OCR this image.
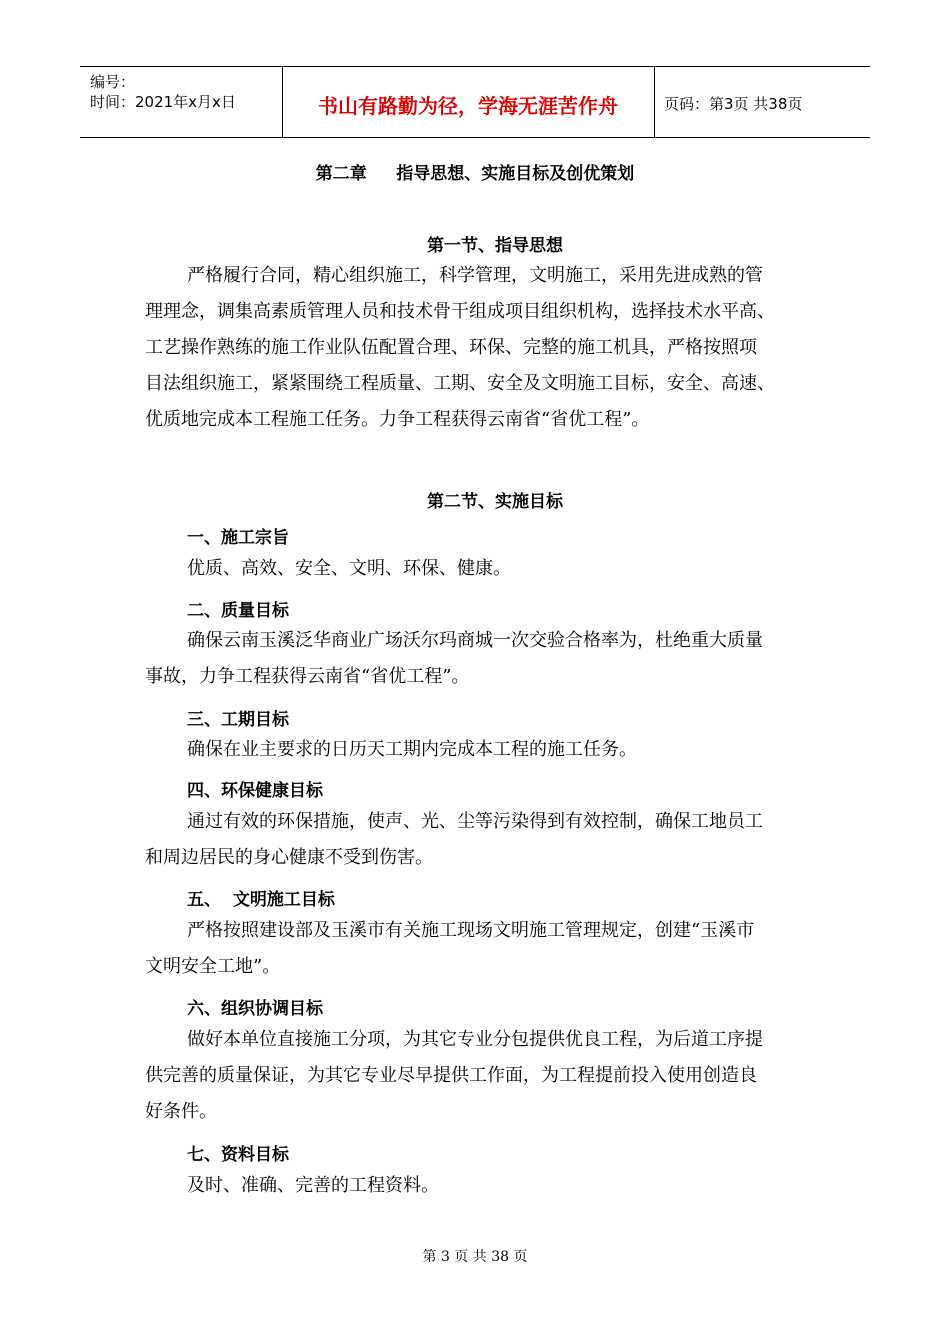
编号：
时间：2021年x月x日	书山有路勤为径，学海无涯苦作舟	页码：第3页 共38页
第二章     指导思想、实施目标及创优策划
第一节、指导思想
严格履行合同，精心组织施工，科学管理，文明施工，采用先进成熟的管
理理念，调集高素质管理人员和技术骨干组成项目组织机构，选择技术水平高、
工艺操作熟练的施工作业队伍配置合理、环保、完整的施工机具，严格按照项
目法组织施工，紧紧围绕工程质量、工期、安全及文明施工目标，安全、高速、
优质地完成本工程施工任务。力争工程获得云南省“省优工程”。
第二节、实施目标
一、施工宗旨
优质、高效、安全、文明、环保、健康。
二、质量目标
确保云南玉溪泛华商业广场沃尔玛商城一次交验合格率为，杜绝重大质量
事故，力争工程获得云南省“省优工程”。
三、工期目标
确保在业主要求的日历天工期内完成本工程的施工任务。
四、环保健康目标
通过有效的环保措施，使声、光、尘等污染得到有效控制，确保工地员工
和周边居民的身心健康不受到伤害。
五、  文明施工目标
严格按照建设部及玉溪市有关施工现场文明施工管理规定，创建“玉溪市
文明安全工地”。
六、组织协调目标
做好本单位直接施工分项，为其它专业分包提供优良工程，为后道工序提
供完善的质量保证，为其它专业尽早提供工作面，为工程提前投入使用创造良
好条件。
七、资料目标
及时、准确、完善的工程资料。
第 3 页 共 38 页
